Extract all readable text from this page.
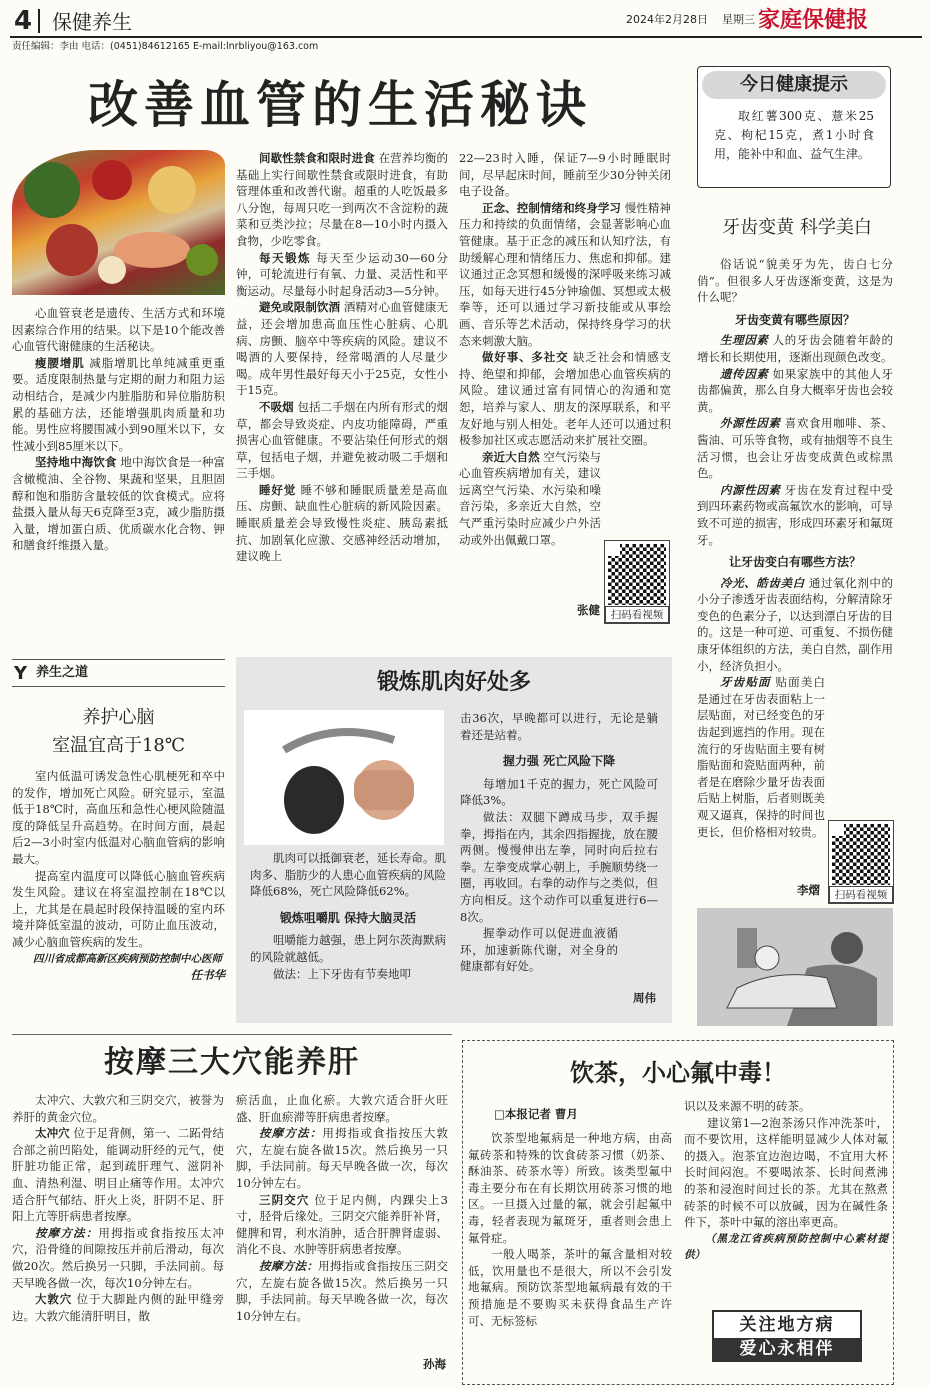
4 保健养生	2024年2月28日 星期三 家庭保健报
责任编辑：李由 电话：(0451)84612165 E-mail:lnrbliyou@163.com
改善血管的生活秘诀

心血管衰老是遗传、生活方式和环境因素综合作用的结果。以下是10个能改善心血管代谢健康的生活秘诀。

瘦腰增肌 减脂增肌比单纯减重更重要。适度限制热量与定期的耐力和阻力运动相结合，是减少内脏脂肪和异位脂肪积累的基础方法，还能增强肌肉质量和功能。男性应将腰围减小到90厘米以下，女性减小到85厘米以下。

坚持地中海饮食 地中海饮食是一种富含橄榄油、全谷物、果蔬和坚果，且胆固醇和饱和脂肪含量较低的饮食模式。应将盐摄入量从每天6克降至3克，减少脂肪摄入量，增加蛋白质、优质碳水化合物、钾和膳食纤维摄入量。

间歇性禁食和限时进食 在营养均衡的基础上实行间歇性禁食或限时进食，有助管理体重和改善代谢。超重的人吃饭最多八分饱，每周只吃一到两次不含淀粉的蔬菜和豆类沙拉；尽量在8—10小时内摄入食物，少吃零食。

每天锻炼 每天至少运动30—60分钟，可轮流进行有氧、力量、灵活性和平衡运动。尽量每小时起身活动3—5分钟。

避免或限制饮酒 酒精对心血管健康无益，还会增加患高血压性心脏病、心肌病、房颤、脑卒中等疾病的风险。建议不喝酒的人要保持，经常喝酒的人尽量少喝。成年男性最好每天小于25克，女性小于15克。

不吸烟 包括二手烟在内所有形式的烟草，都会导致炎症、内皮功能障碍，严重损害心血管健康。不要沾染任何形式的烟草，包括电子烟，并避免被动吸二手烟和三手烟。

睡好觉 睡不够和睡眠质量差是高血压、房颤、缺血性心脏病的新风险因素。睡眠质量差会导致慢性炎症、胰岛素抵抗、加剧氧化应激、交感神经活动增加，建议晚上

22—23时入睡，保证7—9小时睡眠时间，尽早起床时间，睡前至少30分钟关闭电子设备。

正念、控制情绪和终身学习 慢性精神压力和持续的负面情绪，会显著影响心血管健康。基于正念的减压和认知疗法，有助缓解心理和情绪压力、焦虑和抑郁。建议通过正念冥想和缓慢的深呼吸来练习减压，如每天进行45分钟瑜伽、冥想或太极拳等，还可以通过学习新技能或从事绘画、音乐等艺术活动，保持终身学习的状态来刺激大脑。

做好事、多社交 缺乏社会和情感支持、绝望和抑郁，会增加患心血管疾病的风险。建议通过富有同情心的沟通和宽恕，培养与家人、朋友的深厚联系，和平友好地与别人相处。老年人还可以通过积极参加社区或志愿活动来扩展社交圈。

亲近大自然 空气污染与心血管疾病增加有关，建议远离空气污染、水污染和噪音污染，多亲近大自然，空气严重污染时应减少户外活动或外出佩戴口罩。

张健	扫码看视频
今日健康提示
取红薯300克、薏米25克、枸杞15克，煮1小时食用，能补中和血、益气生津。
牙齿变黄 科学美白

俗话说“貌美牙为先，齿白七分俏”。但很多人牙齿逐渐变黄，这是为什么呢？

牙齿变黄有哪些原因？

生理因素 人的牙齿会随着年龄的增长和长期使用，逐渐出现颜色改变。

遗传因素 如果家族中的其他人牙齿都偏黄，那么自身大概率牙齿也会较黄。

外源性因素 喜欢食用咖啡、茶、酱油、可乐等食物，或有抽烟等不良生活习惯，也会让牙齿变成黄色或棕黑色。

内源性因素 牙齿在发育过程中受到四环素药物或高氟饮水的影响，可导致不可逆的损害，形成四环素牙和氟斑牙。

让牙齿变白有哪些方法？

冷光、皓齿美白 通过氧化剂中的小分子渗透牙齿表面结构，分解清除牙变色的色素分子，以达到漂白牙齿的目的。这是一种可逆、可重复、不损伤健康牙体组织的方法，美白自然，副作用小，经济负担小。

牙齿贴面 贴面美白是通过在牙齿表面粘上一层贴面，对已经变色的牙齿起到遮挡的作用。现在流行的牙齿贴面主要有树脂贴面和瓷贴面两种，前者是在磨除少量牙齿表面后贴上树脂，后者则既美观又逼真，保持的时间也更长，但价格相对较贵。

李熠	扫码看视频
Y 养生之道
养护心脑
室温宜高于18℃

室内低温可诱发急性心肌梗死和卒中的发作，增加死亡风险。研究显示，室温低于18℃时，高血压和急性心梗风险随温度的降低呈升高趋势。在时间方面，晨起后2—3小时室内低温对心脑血管病的影响最大。

提高室内温度可以降低心脑血管疾病发生风险。建议在将室温控制在18℃以上，尤其是在晨起时段保持温暖的室内环境并降低室温的波动，可防止血压波动，减少心脑血管疾病的发生。

四川省成都高新区疾病预防控制中心医师
任书华

锻炼肌肉好处多

肌肉可以抵御衰老，延长寿命。肌肉多、脂肪少的人患心血管疾病的风险降低68%，死亡风险降低62%。

锻炼咀嚼肌 保持大脑灵活

咀嚼能力越强，患上阿尔茨海默病的风险就越低。

做法：上下牙齿有节奏地叩

击36次，早晚都可以进行，无论是躺着还是站着。
握力强 死亡风险下降

每增加1千克的握力，死亡风险可降低3%。

做法：双腿下蹲成马步，双手握拳，拇指在内，其余四指握拢，放在腰两侧。慢慢伸出左拳，同时向后拉右拳。左拳变成掌心朝上，手腕顺势绕一圈，再收回。右拳的动作与之类似，但方向相反。这个动作可以重复进行6—8次。

握拳动作可以促进血液循环，加速新陈代谢，对全身的健康都有好处。

周伟
按摩三大穴能养肝

太冲穴、大敦穴和三阴交穴，被誉为养肝的黄金穴位。

太冲穴 位于足背侧，第一、二跖骨结合部之前凹陷处，能调动肝经的元气，使肝脏功能正常，起到疏肝理气、滋阴补血、清热利湿、明目止痛等作用。太冲穴适合肝气郁结、肝火上炎，肝阴不足、肝阳上亢等肝病患者按摩。

按摩方法：用拇指或食指按压太冲穴，沿骨缝的间隙按压并前后滑动，每次做20次。然后换另一只脚，手法同前。每天早晚各做一次，每次10分钟左右。

大敦穴 位于大脚趾内侧的趾甲缝旁边。大敦穴能清肝明目，散

瘀活血，止血化瘀。大敦穴适合肝火旺盛、肝血瘀滞等肝病患者按摩。

按摩方法：用拇指或食指按压大敦穴，左旋右旋各做15次。然后换另一只脚，手法同前。每天早晚各做一次，每次10分钟左右。

三阴交穴 位于足内侧，内踝尖上3寸，胫骨后缘处。三阴交穴能养肝补肾，健脾和胃，利水消肿，适合肝脾肾虚弱、消化不良、水肿等肝病患者按摩。

按摩方法：用拇指或食指按压三阴交穴，左旋右旋各做15次。然后换另一只脚，手法同前。每天早晚各做一次，每次10分钟左右。

孙海
饮茶，小心氟中毒！
□本报记者 曹月

饮茶型地氟病是一种地方病，由高氟砖茶和特殊的饮食砖茶习惯（奶茶、酥油茶、砖茶水等）所致。该类型氟中毒主要分布在有长期饮用砖茶习惯的地区。一旦摄入过量的氟，就会引起氟中毒，轻者表现为氟斑牙，重者则会患上氟骨症。

一般人喝茶，茶叶的氟含量相对较低，饮用量也不是很大，所以不会引发地氟病。预防饮茶型地氟病最有效的干预措施是不要购买未获得食品生产许可、无标签标

识以及来源不明的砖茶。

建议第1—2泡茶汤只作冲洗茶叶，而不要饮用，这样能明显减少人体对氟的摄入。泡茶宜边泡边喝，不宜用大杯长时间闷泡。不要喝浓茶、长时间煮沸的茶和浸泡时间过长的茶。尤其在熬煮砖茶的时候不可以放碱，因为在碱性条件下，茶叶中氟的溶出率更高。

（黑龙江省疾病预防控制中心素材提供）

关注地方病
爱心永相伴
